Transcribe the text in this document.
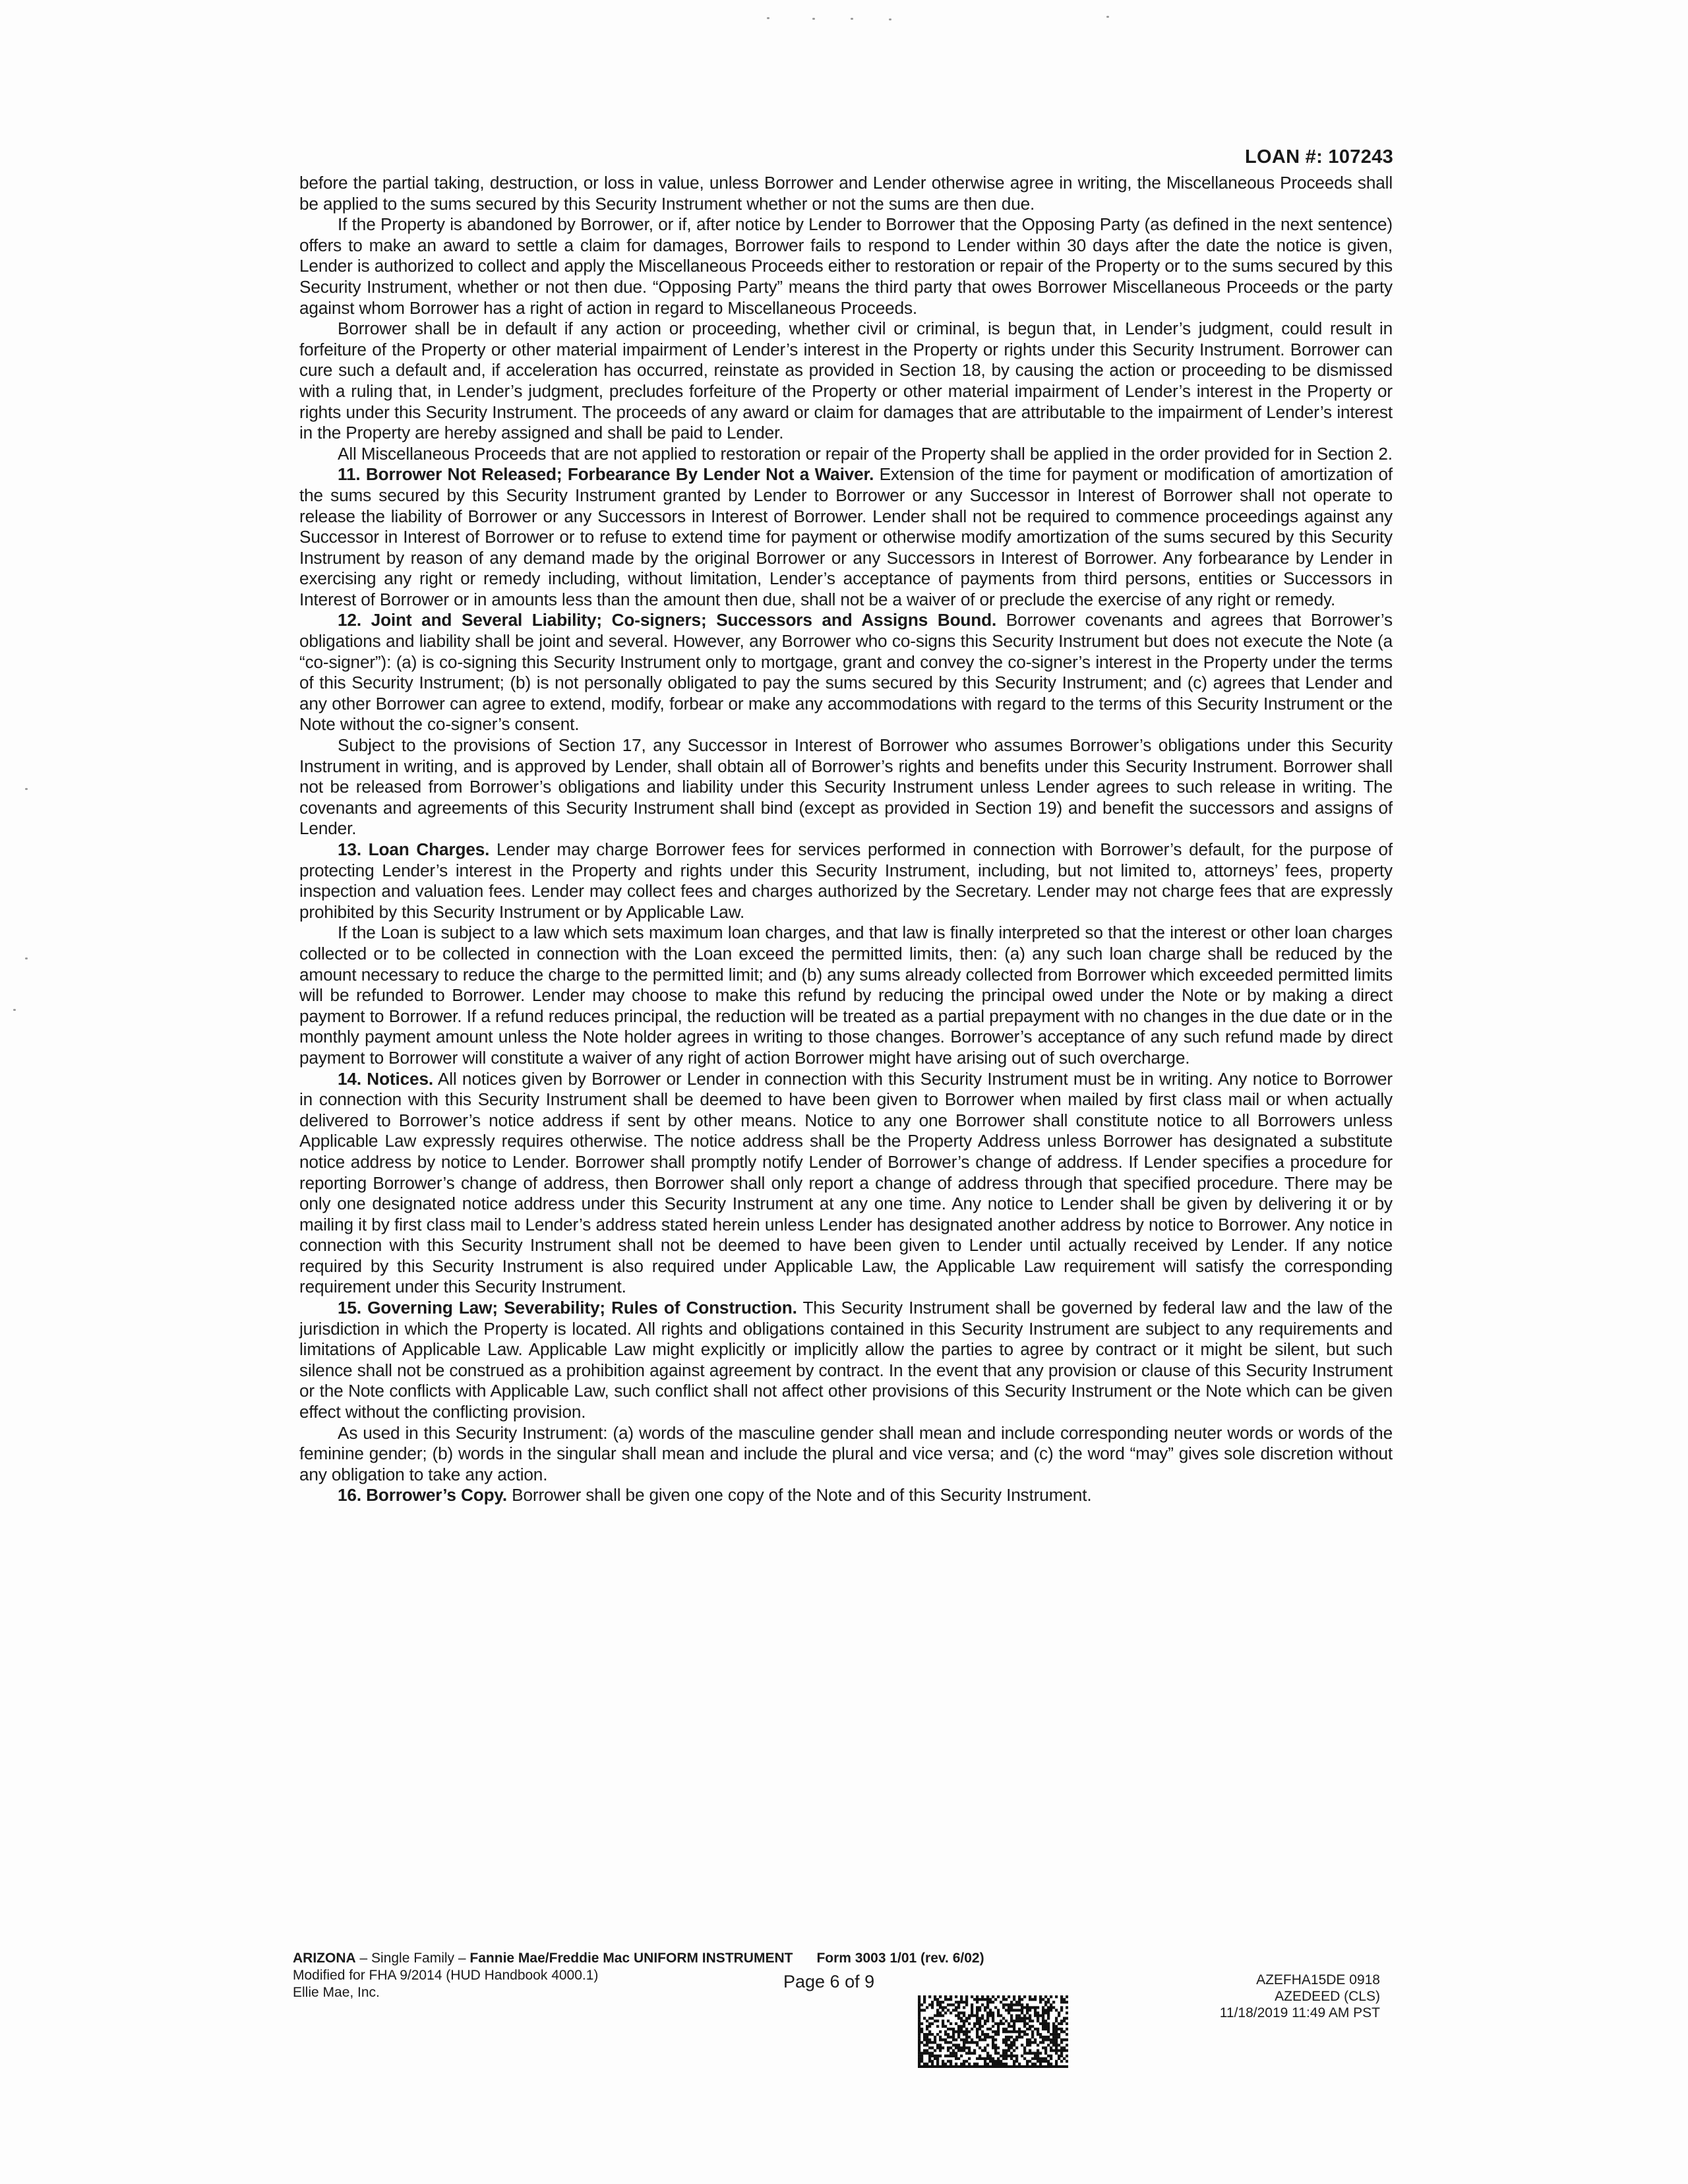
LOAN #: 107243

before the partial taking, destruction, or loss in value, unless Borrower and Lender otherwise agree in writing, the Miscellaneous Proceeds shall be applied to the sums secured by this Security Instrument whether or not the sums are then due.

If the Property is abandoned by Borrower, or if, after notice by Lender to Borrower that the Opposing Party (as defined in the next sentence) offers to make an award to settle a claim for damages, Borrower fails to respond to Lender within 30 days after the date the notice is given, Lender is authorized to collect and apply the Miscellaneous Proceeds either to restoration or repair of the Property or to the sums secured by this Security Instrument, whether or not then due. “Opposing Party” means the third party that owes Borrower Miscellaneous Proceeds or the party against whom Borrower has a right of action in regard to Miscellaneous Proceeds.

Borrower shall be in default if any action or proceeding, whether civil or criminal, is begun that, in Lender’s judgment, could result in forfeiture of the Property or other material impairment of Lender’s interest in the Property or rights under this Security Instrument. Borrower can cure such a default and, if acceleration has occurred, reinstate as provided in Section 18, by causing the action or proceeding to be dismissed with a ruling that, in Lender’s judgment, precludes forfeiture of the Property or other material impairment of Lender’s interest in the Property or rights under this Security Instrument. The proceeds of any award or claim for damages that are attributable to the impairment of Lender’s interest in the Property are hereby assigned and shall be paid to Lender.

All Miscellaneous Proceeds that are not applied to restoration or repair of the Property shall be applied in the order provided for in Section 2.

11. Borrower Not Released; Forbearance By Lender Not a Waiver. Extension of the time for payment or modification of amortization of the sums secured by this Security Instrument granted by Lender to Borrower or any Successor in Interest of Borrower shall not operate to release the liability of Borrower or any Successors in Interest of Borrower. Lender shall not be required to commence proceedings against any Successor in Interest of Borrower or to refuse to extend time for payment or otherwise modify amortization of the sums secured by this Security Instrument by reason of any demand made by the original Borrower or any Successors in Interest of Borrower. Any forbearance by Lender in exercising any right or remedy including, without limitation, Lender’s acceptance of payments from third persons, entities or Successors in Interest of Borrower or in amounts less than the amount then due, shall not be a waiver of or preclude the exercise of any right or remedy.

12. Joint and Several Liability; Co-signers; Successors and Assigns Bound. Borrower covenants and agrees that Borrower’s obligations and liability shall be joint and several. However, any Borrower who co-signs this Security Instrument but does not execute the Note (a “co-signer”): (a) is co-signing this Security Instrument only to mortgage, grant and convey the co-signer’s interest in the Property under the terms of this Security Instrument; (b) is not personally obligated to pay the sums secured by this Security Instrument; and (c) agrees that Lender and any other Borrower can agree to extend, modify, forbear or make any accommodations with regard to the terms of this Security Instrument or the Note without the co-signer’s consent.

Subject to the provisions of Section 17, any Successor in Interest of Borrower who assumes Borrower’s obligations under this Security Instrument in writing, and is approved by Lender, shall obtain all of Borrower’s rights and benefits under this Security Instrument. Borrower shall not be released from Borrower’s obligations and liability under this Security Instrument unless Lender agrees to such release in writing. The covenants and agreements of this Security Instrument shall bind (except as provided in Section 19) and benefit the successors and assigns of Lender.

13. Loan Charges. Lender may charge Borrower fees for services performed in connection with Borrower’s default, for the purpose of protecting Lender’s interest in the Property and rights under this Security Instrument, including, but not limited to, attorneys’ fees, property inspection and valuation fees. Lender may collect fees and charges authorized by the Secretary. Lender may not charge fees that are expressly prohibited by this Security Instrument or by Applicable Law.

If the Loan is subject to a law which sets maximum loan charges, and that law is finally interpreted so that the interest or other loan charges collected or to be collected in connection with the Loan exceed the permitted limits, then: (a) any such loan charge shall be reduced by the amount necessary to reduce the charge to the permitted limit; and (b) any sums already collected from Borrower which exceeded permitted limits will be refunded to Borrower. Lender may choose to make this refund by reducing the principal owed under the Note or by making a direct payment to Borrower. If a refund reduces principal, the reduction will be treated as a partial prepayment with no changes in the due date or in the monthly payment amount unless the Note holder agrees in writing to those changes. Borrower’s acceptance of any such refund made by direct payment to Borrower will constitute a waiver of any right of action Borrower might have arising out of such overcharge.

14. Notices. All notices given by Borrower or Lender in connection with this Security Instrument must be in writing. Any notice to Borrower in connection with this Security Instrument shall be deemed to have been given to Borrower when mailed by first class mail or when actually delivered to Borrower’s notice address if sent by other means. Notice to any one Borrower shall constitute notice to all Borrowers unless Applicable Law expressly requires otherwise. The notice address shall be the Property Address unless Borrower has designated a substitute notice address by notice to Lender. Borrower shall promptly notify Lender of Borrower’s change of address. If Lender specifies a procedure for reporting Borrower’s change of address, then Borrower shall only report a change of address through that specified procedure. There may be only one designated notice address under this Security Instrument at any one time. Any notice to Lender shall be given by delivering it or by mailing it by first class mail to Lender’s address stated herein unless Lender has designated another address by notice to Borrower. Any notice in connection with this Security Instrument shall not be deemed to have been given to Lender until actually received by Lender. If any notice required by this Security Instrument is also required under Applicable Law, the Applicable Law requirement will satisfy the corresponding requirement under this Security Instrument.

15. Governing Law; Severability; Rules of Construction. This Security Instrument shall be governed by federal law and the law of the jurisdiction in which the Property is located. All rights and obligations contained in this Security Instrument are subject to any requirements and limitations of Applicable Law. Applicable Law might explicitly or implicitly allow the parties to agree by contract or it might be silent, but such silence shall not be construed as a prohibition against agreement by contract. In the event that any provision or clause of this Security Instrument or the Note conflicts with Applicable Law, such conflict shall not affect other provisions of this Security Instrument or the Note which can be given effect without the conflicting provision.

As used in this Security Instrument: (a) words of the masculine gender shall mean and include corresponding neuter words or words of the feminine gender; (b) words in the singular shall mean and include the plural and vice versa; and (c) the word “may” gives sole discretion without any obligation to take any action.

16. Borrower’s Copy. Borrower shall be given one copy of the Note and of this Security Instrument.

ARIZONA – Single Family – Fannie Mae/Freddie Mac UNIFORM INSTRUMENT Form 3003 1/01 (rev. 6/02)
Modified for FHA 9/2014 (HUD Handbook 4000.1)
Ellie Mae, Inc.
Page 6 of 9	AZEFHA15DE 0918
AZEDEED (CLS)
11/18/2019 11:49 AM PST
